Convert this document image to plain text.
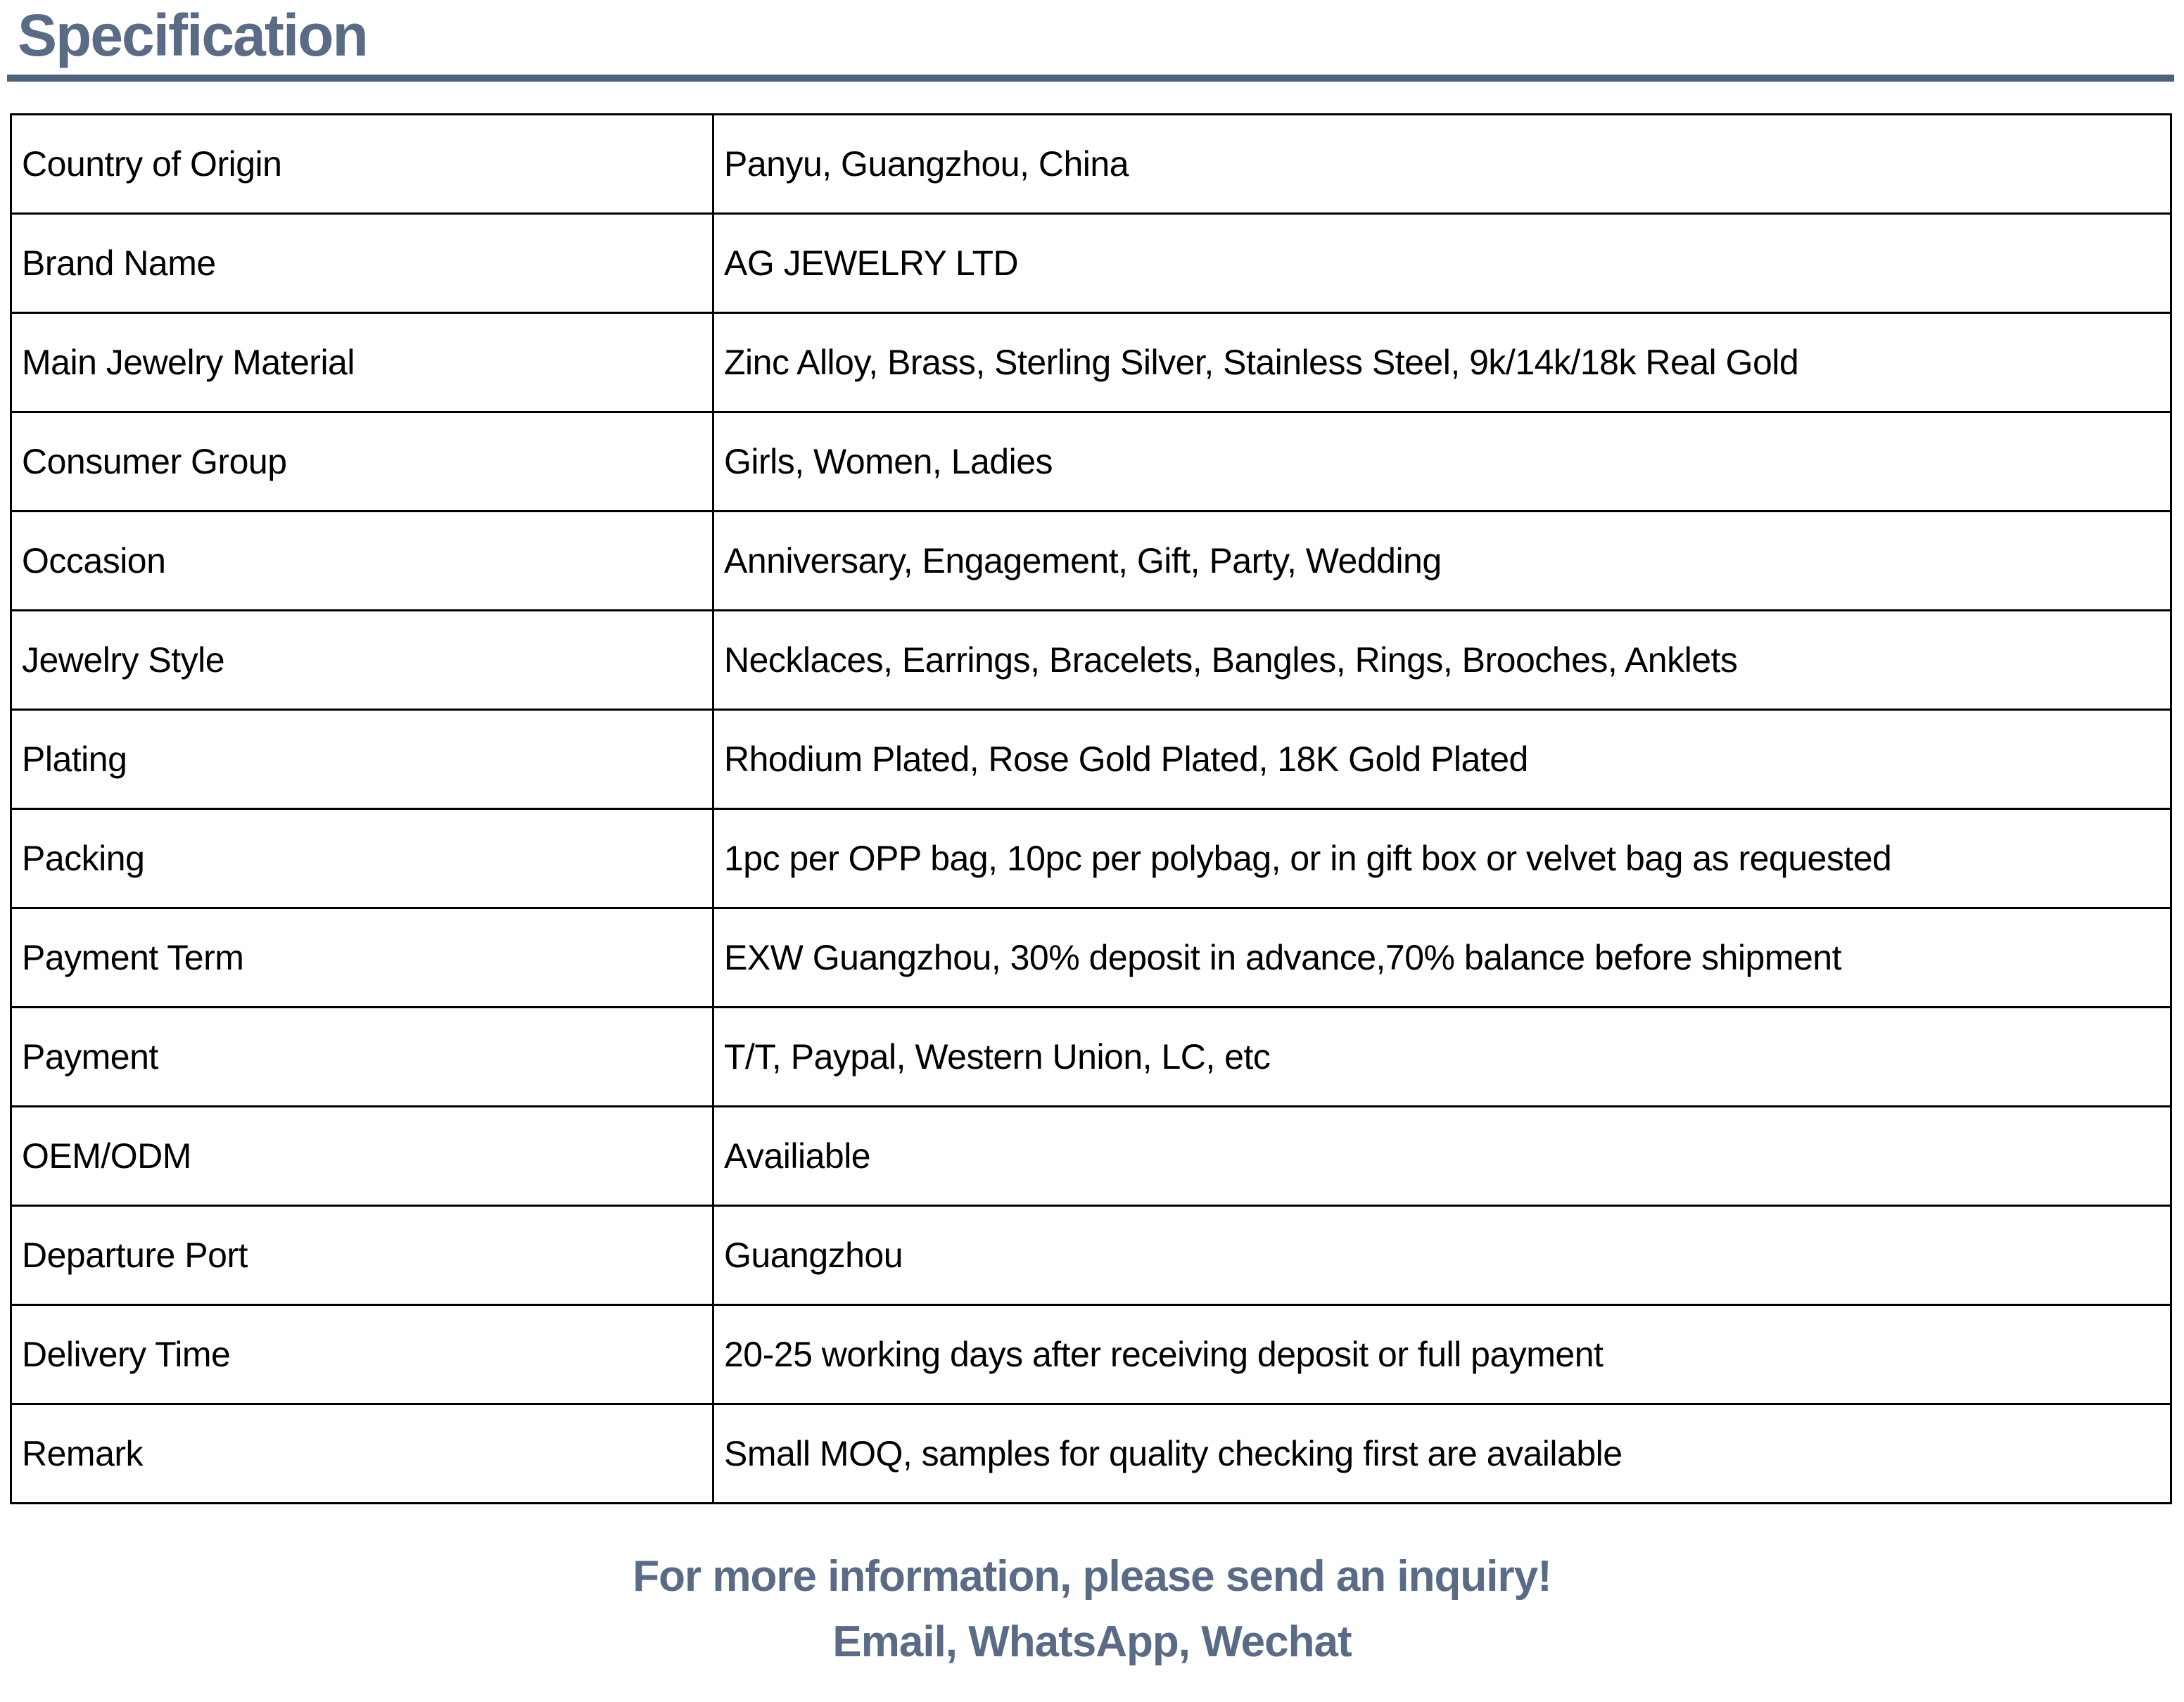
Specification
Country of Origin	Panyu, Guangzhou, China
Brand Name	AG JEWELRY LTD
Main Jewelry Material	Zinc Alloy, Brass, Sterling Silver, Stainless Steel, 9k/14k/18k Real Gold
Consumer Group	Girls, Women, Ladies
Occasion	Anniversary, Engagement, Gift, Party, Wedding
Jewelry Style	Necklaces, Earrings, Bracelets, Bangles, Rings, Brooches, Anklets
Plating	Rhodium Plated, Rose Gold Plated, 18K Gold Plated
Packing	1pc per OPP bag, 10pc per polybag, or in gift box or velvet bag as requested
Payment Term	EXW Guangzhou, 30% deposit in advance,70% balance before shipment
Payment	T/T, Paypal, Western Union, LC, etc
OEM/ODM	Availiable
Departure Port	Guangzhou
Delivery Time	20-25 working days after receiving deposit or full payment
Remark	Small MOQ, samples for quality checking first are available
For more information, please send an inquiry!
Email, WhatsApp, Wechat
